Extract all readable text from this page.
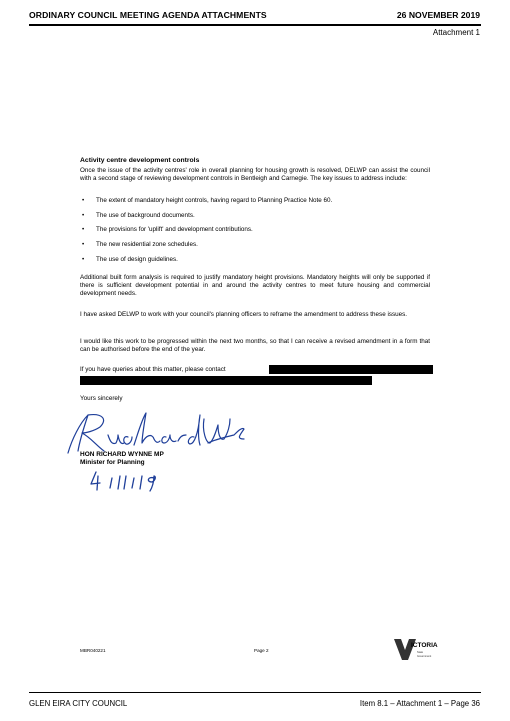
ORDINARY COUNCIL MEETING AGENDA ATTACHMENTS	26 NOVEMBER 2019
Attachment 1
Activity centre development controls
Once the issue of the activity centres' role in overall planning for housing growth is resolved, DELWP can assist the council with a second stage of reviewing development controls in Bentleigh and Carnegie. The key issues to address include:
• The extent of mandatory height controls, having regard to Planning Practice Note 60.
• The use of background documents.
• The provisions for 'uplift' and development contributions.
• The new residential zone schedules.
• The use of design guidelines.
Additional built form analysis is required to justify mandatory height provisions. Mandatory heights will only be supported if there is sufficient development potential in and around the activity centres to meet future housing and commercial development needs.
I have asked DELWP to work with your council's planning officers to reframe the amendment to address these issues.
I would like this work to be progressed within the next two months, so that I can receive a revised amendment in a form that can be authorised before the end of the year.
If you have queries about this matter, please contact
Yours sincerely
HON RICHARD WYNNE MP
Minister for Planning
MBR040221	Page 2
ICTORIA
State
Government
GLEN EIRA CITY COUNCIL	Item 8.1 – Attachment 1 – Page 36
